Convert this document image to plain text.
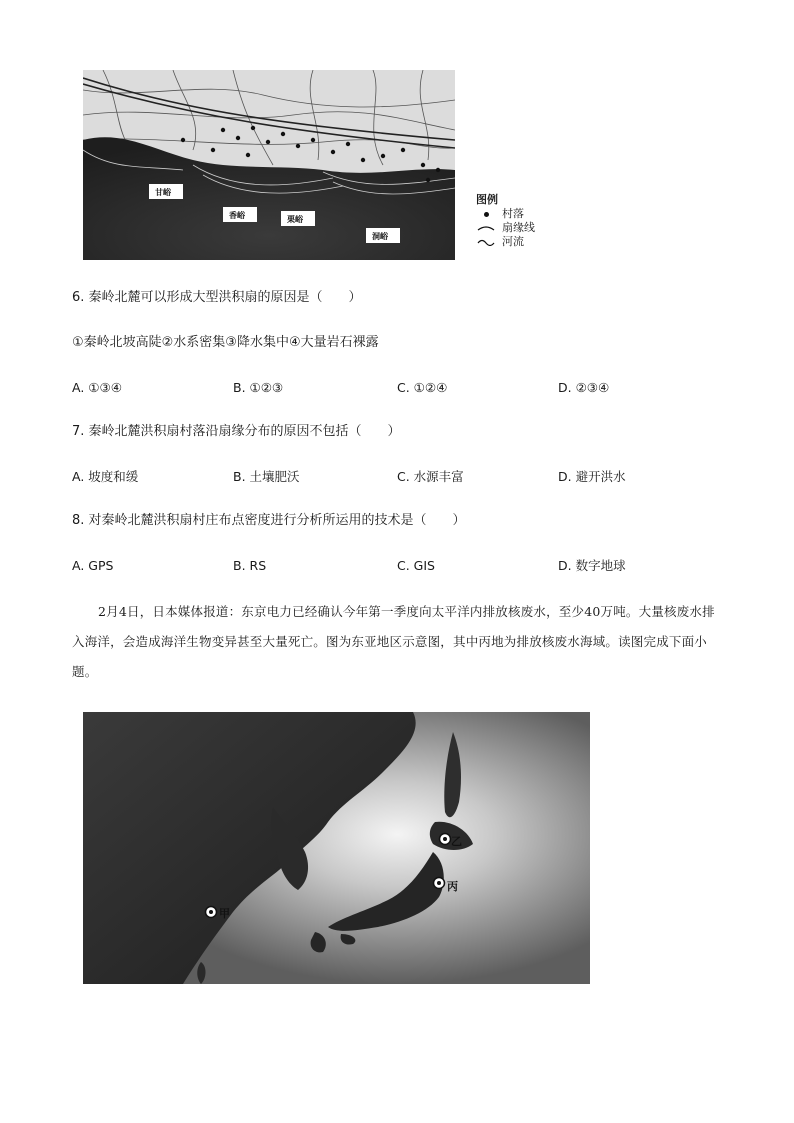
甘峪
香峪	栗峪
洞峪
图例
村落
扇缘线
河流
6. 秦岭北麓可以形成大型洪积扇的原因是（　　）
①秦岭北坡高陡②水系密集③降水集中④大量岩石裸露
A. ①③④	B. ①②③	C. ①②④	D. ②③④
7. 秦岭北麓洪积扇村落沿扇缘分布的原因不包括（　　）
A. 坡度和缓	B. 土壤肥沃	C. 水源丰富	D. 避开洪水
8. 对秦岭北麓洪积扇村庄布点密度进行分析所运用的技术是（　　）
A. GPS	B. RS	C. GIS	D. 数字地球
2月4日，日本媒体报道：东京电力已经确认今年第一季度向太平洋内排放核废水，至少40万吨。大量核废水排入海洋，会造成海洋生物变异甚至大量死亡。图为东亚地区示意图，其中丙地为排放核废水海域。读图完成下面小题。
甲
乙
丙
